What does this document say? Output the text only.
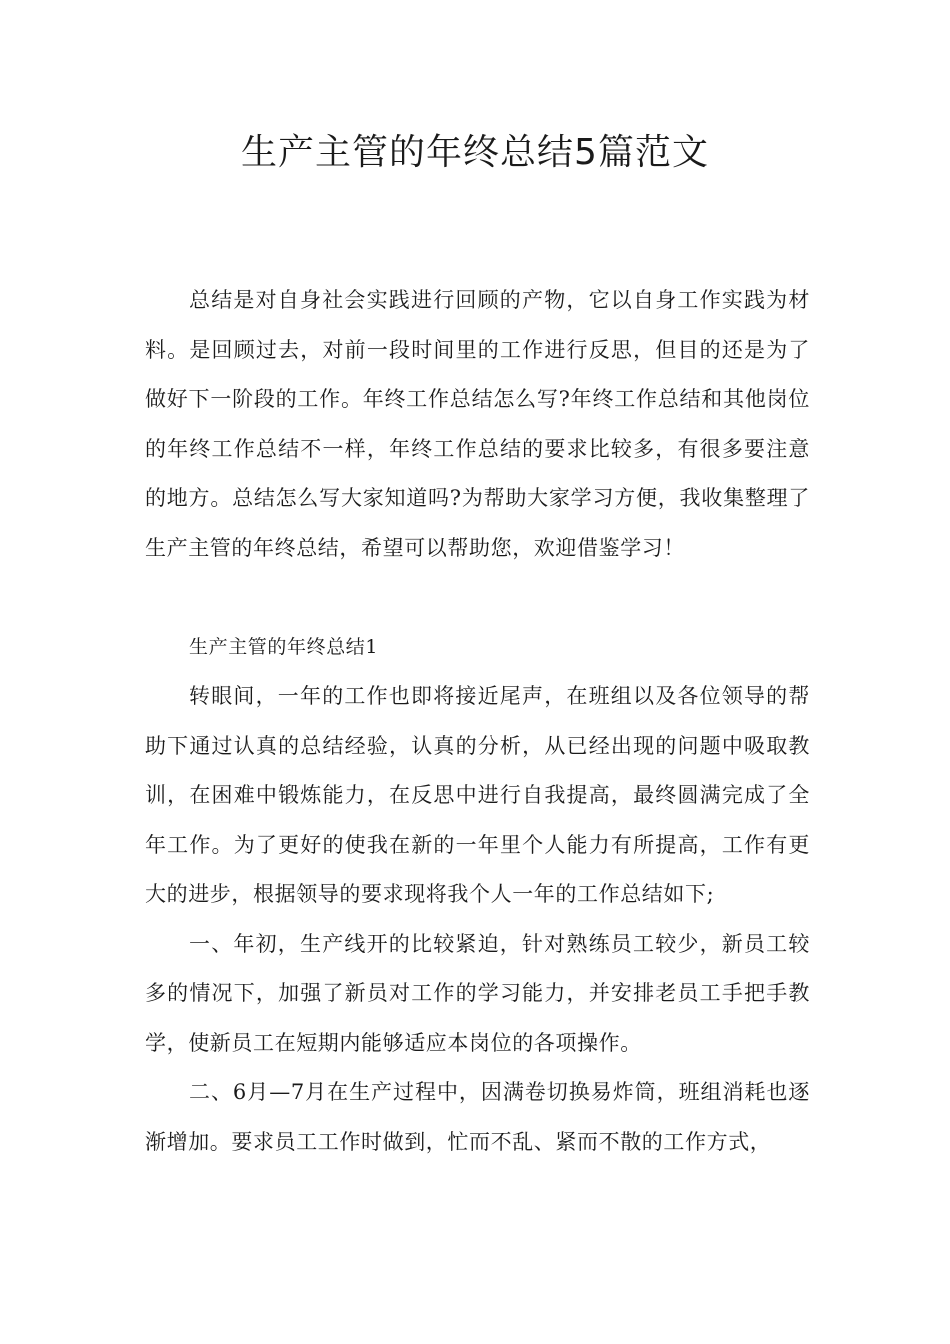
生产主管的年终总结5篇范文

总结是对自身社会实践进行回顾的产物，它以自身工作实践为材料。是回顾过去，对前一段时间里的工作进行反思，但目的还是为了做好下一阶段的工作。年终工作总结怎么写?年终工作总结和其他岗位的年终工作总结不一样，年终工作总结的要求比较多，有很多要注意的地方。总结怎么写大家知道吗?为帮助大家学习方便，我收集整理了生产主管的年终总结，希望可以帮助您，欢迎借鉴学习！

生产主管的年终总结1

转眼间，一年的工作也即将接近尾声，在班组以及各位领导的帮助下通过认真的总结经验，认真的分析，从已经出现的问题中吸取教训，在困难中锻炼能力，在反思中进行自我提高，最终圆满完成了全年工作。为了更好的使我在新的一年里个人能力有所提高，工作有更大的进步，根据领导的要求现将我个人一年的工作总结如下;

一、年初，生产线开的比较紧迫，针对熟练员工较少，新员工较多的情况下，加强了新员对工作的学习能力，并安排老员工手把手教学，使新员工在短期内能够适应本岗位的各项操作。

二、6月—7月在生产过程中，因满卷切换易炸筒，班组消耗也逐渐增加。要求员工工作时做到，忙而不乱、紧而不散的工作方式，
